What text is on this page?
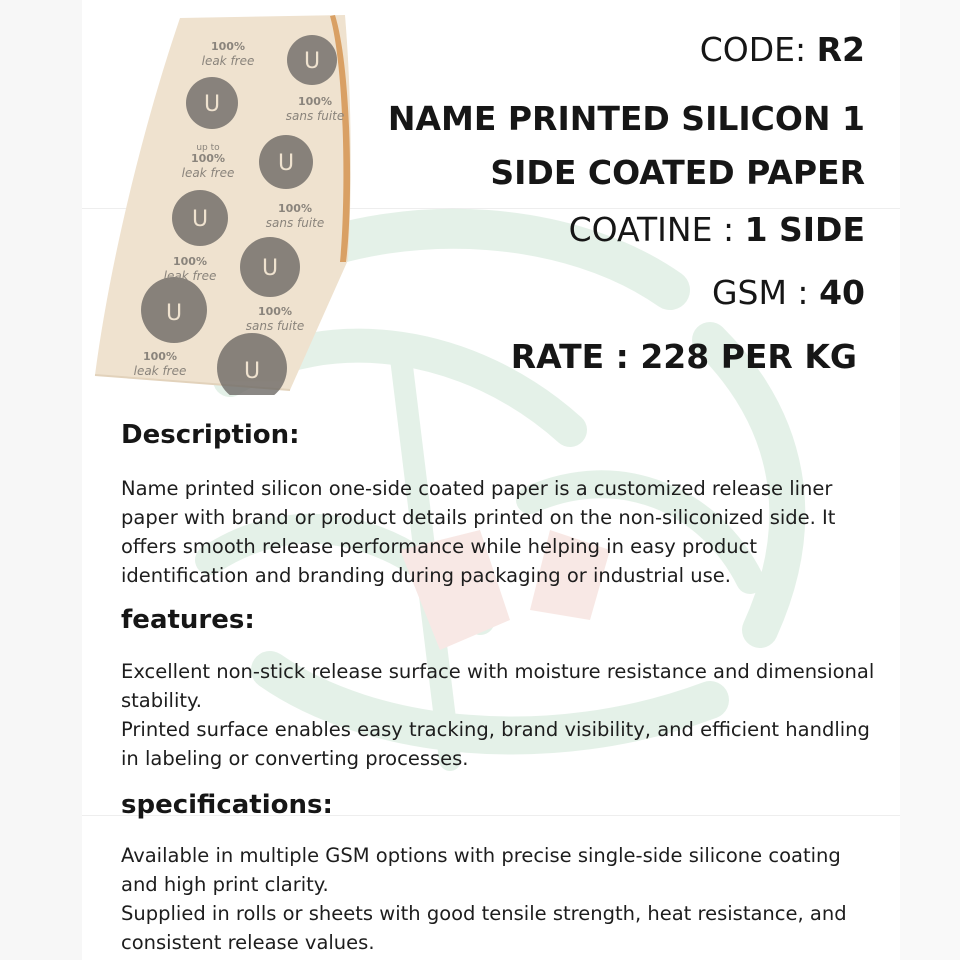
U
U
U
U
U
U
U
100%
leak free
100%
sans fuite
up to
100%
leak free
100%
sans fuite
100%
leak free
100%
sans fuite
100%
leak free
CODE: R2
NAME PRINTED SILICON 1 SIDE COATED PAPER
COATINE : 1 SIDE
GSM : 40
RATE : 228 PER KG
Description:

Name printed silicon one-side coated paper is a customized release liner paper with brand or product details printed on the non-siliconized side. It offers smooth release performance while helping in easy product identification and branding during packaging or industrial use.

features:

Excellent non-stick release surface with moisture resistance and dimensional stability.

Printed surface enables easy tracking, brand visibility, and efficient handling in labeling or converting processes.

specifications:

Available in multiple GSM options with precise single-side silicone coating and high print clarity.

Supplied in rolls or sheets with good tensile strength, heat resistance, and consistent release values.
